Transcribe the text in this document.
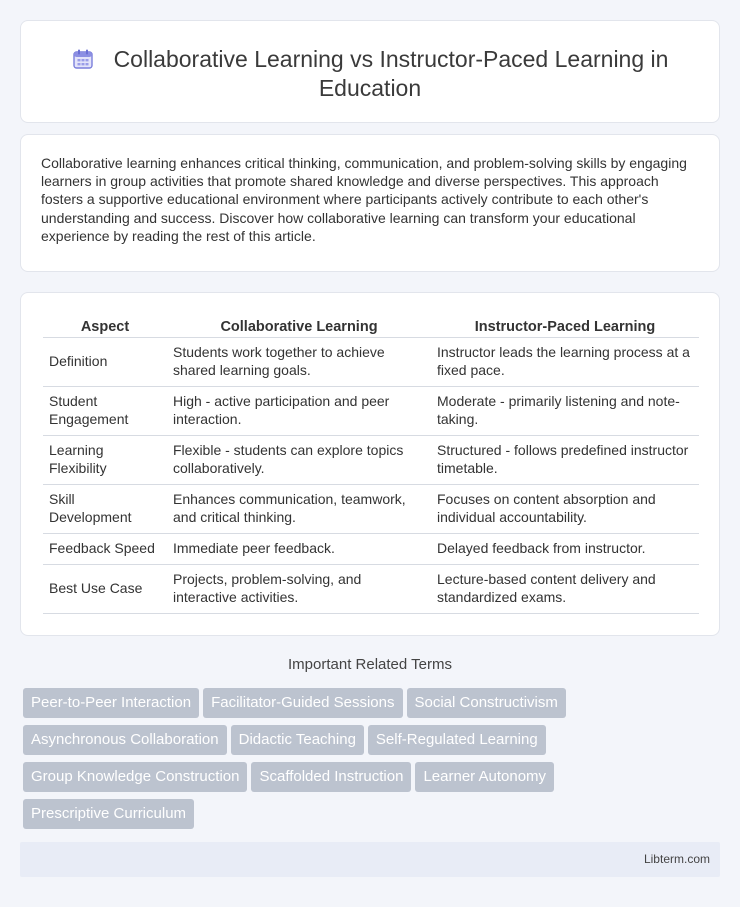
Collaborative Learning vs Instructor-Paced Learning in Education

Collaborative learning enhances critical thinking, communication, and problem-solving skills by engaging learners in group activities that promote shared knowledge and diverse perspectives. This approach fosters a supportive educational environment where participants actively contribute to each other's understanding and success. Discover how collaborative learning can transform your educational experience by reading the rest of this article.

Aspect	Collaborative Learning	Instructor-Paced Learning
Definition	Students work together to achieve shared learning goals.	Instructor leads the learning process at a fixed pace.
Student Engagement	High - active participation and peer interaction.	Moderate - primarily listening and note-taking.
Learning Flexibility	Flexible - students can explore topics collaboratively.	Structured - follows predefined instructor timetable.
Skill Development	Enhances communication, teamwork, and critical thinking.	Focuses on content absorption and individual accountability.
Feedback Speed	Immediate peer feedback.	Delayed feedback from instructor.
Best Use Case	Projects, problem-solving, and interactive activities.	Lecture-based content delivery and standardized exams.
Important Related Terms
Peer-to-Peer Interaction Facilitator-Guided Sessions Social Constructivism
Asynchronous Collaboration Didactic Teaching Self-Regulated Learning
Group Knowledge Construction Scaffolded Instruction Learner Autonomy
Prescriptive Curriculum
Libterm.com
